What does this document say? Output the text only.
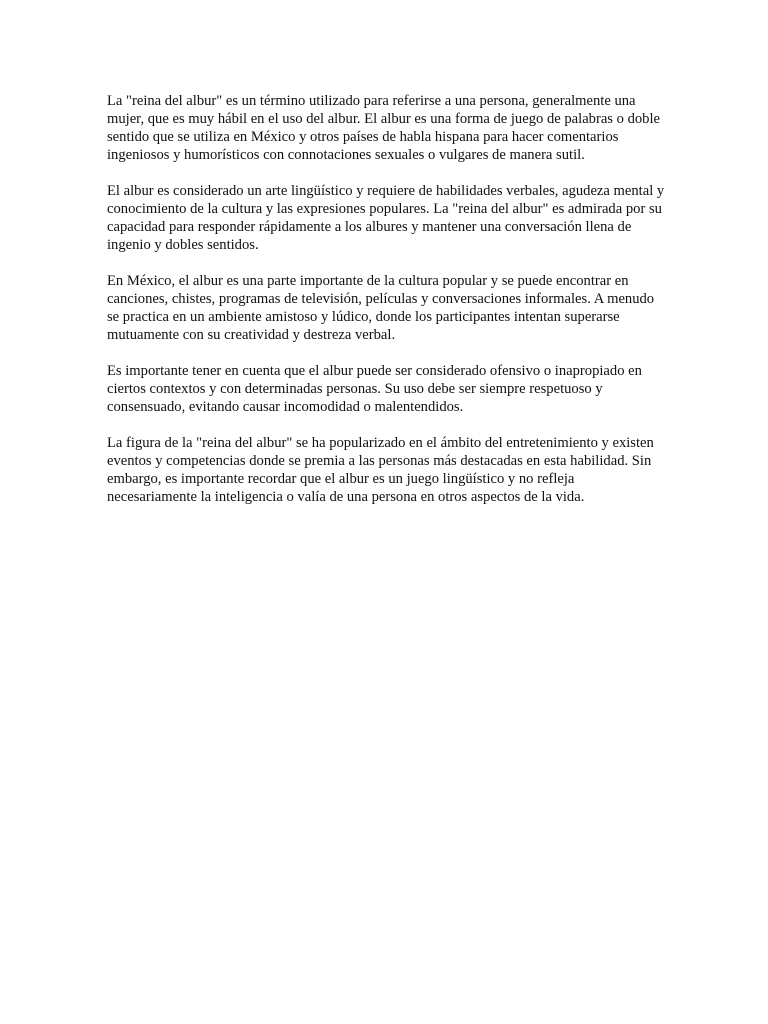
La "reina del albur" es un término utilizado para referirse a una persona, generalmente una mujer, que es muy hábil en el uso del albur. El albur es una forma de juego de palabras o doble sentido que se utiliza en México y otros países de habla hispana para hacer comentarios ingeniosos y humorísticos con connotaciones sexuales o vulgares de manera sutil.

El albur es considerado un arte lingüístico y requiere de habilidades verbales, agudeza mental y conocimiento de la cultura y las expresiones populares. La "reina del albur" es admirada por su capacidad para responder rápidamente a los albures y mantener una conversación llena de ingenio y dobles sentidos.

En México, el albur es una parte importante de la cultura popular y se puede encontrar en canciones, chistes, programas de televisión, películas y conversaciones informales. A menudo se practica en un ambiente amistoso y lúdico, donde los participantes intentan superarse mutuamente con su creatividad y destreza verbal.

Es importante tener en cuenta que el albur puede ser considerado ofensivo o inapropiado en ciertos contextos y con determinadas personas. Su uso debe ser siempre respetuoso y consensuado, evitando causar incomodidad o malentendidos.

La figura de la "reina del albur" se ha popularizado en el ámbito del entretenimiento y existen eventos y competencias donde se premia a las personas más destacadas en esta habilidad. Sin embargo, es importante recordar que el albur es un juego lingüístico y no refleja necesariamente la inteligencia o valía de una persona en otros aspectos de la vida.
